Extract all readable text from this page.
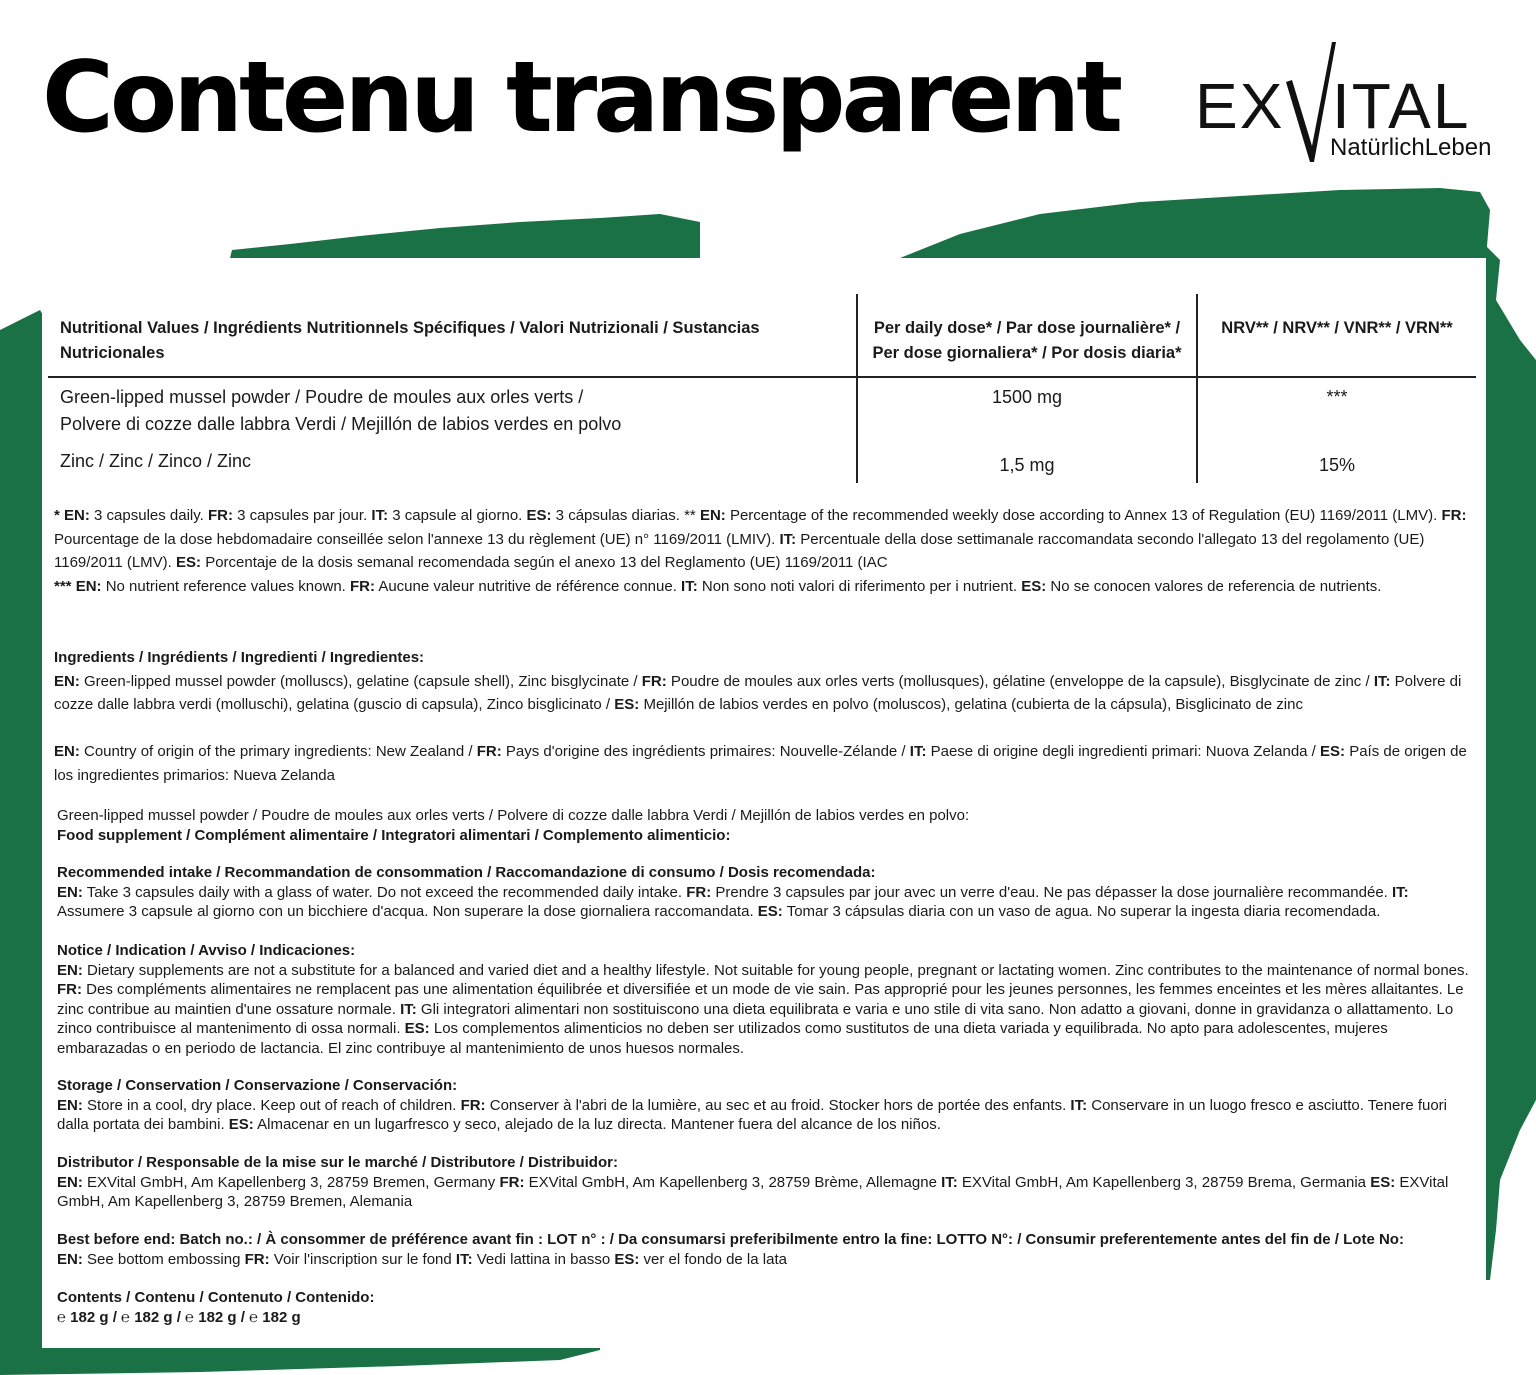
Contenu transparent EX ITAL
NatürlichLeben
Nutritional Values / Ingrédients Nutritionnels Spécifiques / Valori Nutrizionali / Sustancias Nutricionales	Per daily dose* / Par dose journalière* / Per dose giornaliera* / Por dosis diaria*	NRV** / NRV** / VNR** / VRN**
Green-lipped mussel powder / Poudre de moules aux orles verts /
Polvere di cozze dalle labbra Verdi / Mejillón de labios verdes en polvo	1500 mg	***
Zinc / Zinc / Zinco / Zinc	1,5 mg	15%

* EN: 3 capsules daily. FR: 3 capsules par jour. IT: 3 capsule al giorno. ES: 3 cápsulas diarias. ** EN: Percentage of the recommended weekly dose according to Annex 13 of Regulation (EU) 1169/2011 (LMV). FR: Pourcentage de la dose hebdomadaire conseillée selon l'annexe 13 du règlement (UE) n° 1169/2011 (LMIV). IT: Percentuale della dose settimanale raccomandata secondo l'allegato 13 del regolamento (UE) 1169/2011 (LMV). ES: Porcentaje de la dosis semanal recomendada según el anexo 13 del Reglamento (UE) 1169/2011 (IAC

*** EN: No nutrient reference values known. FR: Aucune valeur nutritive de référence connue. IT: Non sono noti valori di riferimento per i nutrient. ES: No se conocen valores de referencia de nutrients.

Ingredients / Ingrédients / Ingredienti / Ingredientes:

EN: Green-lipped mussel powder (molluscs), gelatine (capsule shell), Zinc bisglycinate / FR: Poudre de moules aux orles verts (mollusques), gélatine (enveloppe de la capsule), Bisglycinate de zinc / IT: Polvere di cozze dalle labbra verdi (molluschi), gelatina (guscio di capsula), Zinco bisglicinato / ES: Mejillón de labios verdes en polvo (moluscos), gelatina (cubierta de la cápsula), Bisglicinato de zinc

EN: Country of origin of the primary ingredients: New Zealand / FR: Pays d'origine des ingrédients primaires: Nouvelle-Zélande / IT: Paese di origine degli ingredienti primari: Nuova Zelanda / ES: País de origen de los ingredientes primarios: Nueva Zelanda

Green-lipped mussel powder / Poudre de moules aux orles verts / Polvere di cozze dalle labbra Verdi / Mejillón de labios verdes en polvo:

Food supplement / Complément alimentaire / Integratori alimentari / Complemento alimenticio:

Recommended intake / Recommandation de consommation / Raccomandazione di consumo / Dosis recomendada:

EN: Take 3 capsules daily with a glass of water. Do not exceed the recommended daily intake. FR: Prendre 3 capsules par jour avec un verre d'eau. Ne pas dépasser la dose journalière recommandée. IT: Assumere 3 capsule al giorno con un bicchiere d'acqua. Non superare la dose giornaliera raccomandata. ES: Tomar 3 cápsulas diaria con un vaso de agua. No superar la ingesta diaria recomendada.

Notice / Indication / Avviso / Indicaciones:

EN: Dietary supplements are not a substitute for a balanced and varied diet and a healthy lifestyle. Not suitable for young people, pregnant or lactating women. Zinc contributes to the maintenance of normal bones. FR: Des compléments alimentaires ne remplacent pas une alimentation équilibrée et diversifiée et un mode de vie sain. Pas approprié pour les jeunes personnes, les femmes enceintes et les mères allaitantes. Le zinc contribue au maintien d'une ossature normale. IT: Gli integratori alimentari non sostituiscono una dieta equilibrata e varia e uno stile di vita sano. Non adatto a giovani, donne in gravidanza o allattamento. Lo zinco contribuisce al mantenimento di ossa normali. ES: Los complementos alimenticios no deben ser utilizados como sustitutos de una dieta variada y equilibrada. No apto para adolescentes, mujeres embarazadas o en periodo de lactancia. El zinc contribuye al mantenimiento de unos huesos normales.

Storage / Conservation / Conservazione / Conservación:

EN: Store in a cool, dry place. Keep out of reach of children. FR: Conserver à l'abri de la lumière, au sec et au froid. Stocker hors de portée des enfants. IT: Conservare in un luogo fresco e asciutto. Tenere fuori dalla portata dei bambini. ES: Almacenar en un lugarfresco y seco, alejado de la luz directa. Mantener fuera del alcance de los niños.

Distributor / Responsable de la mise sur le marché / Distributore / Distribuidor:

EN: EXVital GmbH, Am Kapellenberg 3, 28759 Bremen, Germany FR: EXVital GmbH, Am Kapellenberg 3, 28759 Brème, Allemagne IT: EXVital GmbH, Am Kapellenberg 3, 28759 Brema, Germania ES: EXVital GmbH, Am Kapellenberg 3, 28759 Bremen, Alemania

Best before end: Batch no.: / À consommer de préférence avant fin : LOT n° : / Da consumarsi preferibilmente entro la fine: LOTTO N°: / Consumir preferentemente antes del fin de / Lote No:

EN: See bottom embossing FR: Voir l'inscription sur le fond IT: Vedi lattina in basso ES: ver el fondo de la lata

Contents / Contenu / Contenuto / Contenido:

℮ 182 g / ℮ 182 g / ℮ 182 g / ℮ 182 g
